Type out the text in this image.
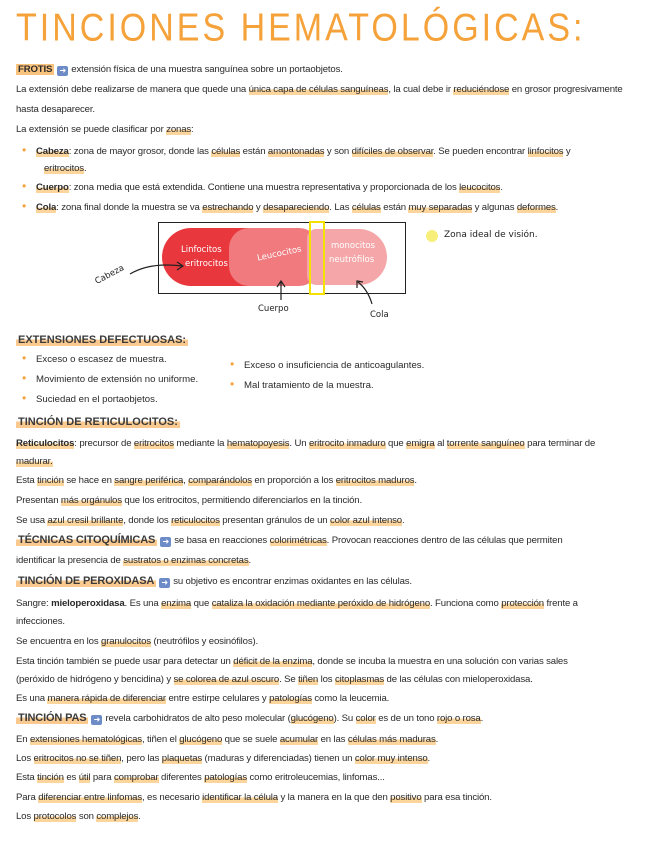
TINCIONES HEMATOLÓGICAS:
FROTIS ➜ extensión física de una muestra sanguínea sobre un portaobjetos.
La extensión debe realizarse de manera que quede una única capa de células sanguíneas, la cual debe ir reduciéndose en grosor progresivamente
hasta desaparecer.
La extensión se puede clasificar por zonas:
• Cabeza: zona de mayor grosor, donde las células están amontonadas y son difíciles de observar. Se pueden encontrar linfocitos y
eritrocitos.
• Cuerpo: zona media que está extendida. Contiene una muestra representativa y proporcionada de los leucocitos.
• Cola: zona final donde la muestra se va estrechando y desapareciendo. Las células están muy separadas y algunas deformes.
Linfocitos
eritrocitos
Leucocitos	monocitos
neutrófilos
Cabeza
Cuerpo
Cola
Zona ideal de visión.
EXTENSIONES DEFECTUOSAS:
• Exceso o escasez de muestra.
• Movimiento de extensión no uniforme.
• Suciedad en el portaobjetos.
• Exceso o insuficiencia de anticoagulantes.
• Mal tratamiento de la muestra.
TINCIÓN DE RETICULOCITOS:
Reticulocitos: precursor de eritrocitos mediante la hematopoyesis. Un eritrocito inmaduro que emigra al torrente sanguíneo para terminar de
madurar.
Esta tinción se hace en sangre periférica, comparándolos en proporción a los eritrocitos maduros.
Presentan más orgánulos que los eritrocitos, permitiendo diferenciarlos en la tinción.
Se usa azul cresil brillante, donde los reticulocitos presentan gránulos de un color azul intenso.
TÉCNICAS CITOQUÍMICAS ➜ se basa en reacciones colorimétricas. Provocan reacciones dentro de las células que permiten
identificar la presencia de sustratos o enzimas concretas.
TINCIÓN DE PEROXIDASA ➜ su objetivo es encontrar enzimas oxidantes en las células.
Sangre: mieloperoxidasa. Es una enzima que cataliza la oxidación mediante peróxido de hidrógeno. Funciona como protección frente a
infecciones.
Se encuentra en los granulocitos (neutrófilos y eosinófilos).
Esta tinción también se puede usar para detectar un déficit de la enzima, donde se incuba la muestra en una solución con varias sales
(peróxido de hidrógeno y bencidina) y se colorea de azul oscuro. Se tiñen los citoplasmas de las células con mieloperoxidasa.
Es una manera rápida de diferenciar entre estirpe celulares y patologías como la leucemia.
TINCIÓN PAS ➜ revela carbohidratos de alto peso molecular (glucógeno). Su color es de un tono rojo o rosa.
En extensiones hematológicas, tiñen el glucógeno que se suele acumular en las células más maduras.
Los eritrocitos no se tiñen, pero las plaquetas (maduras y diferenciadas) tienen un color muy intenso.
Esta tinción es útil para comprobar diferentes patologías como eritroleucemias, linfomas...
Para diferenciar entre linfomas, es necesario identificar la célula y la manera en la que den positivo para esa tinción.
Los protocolos son complejos.
